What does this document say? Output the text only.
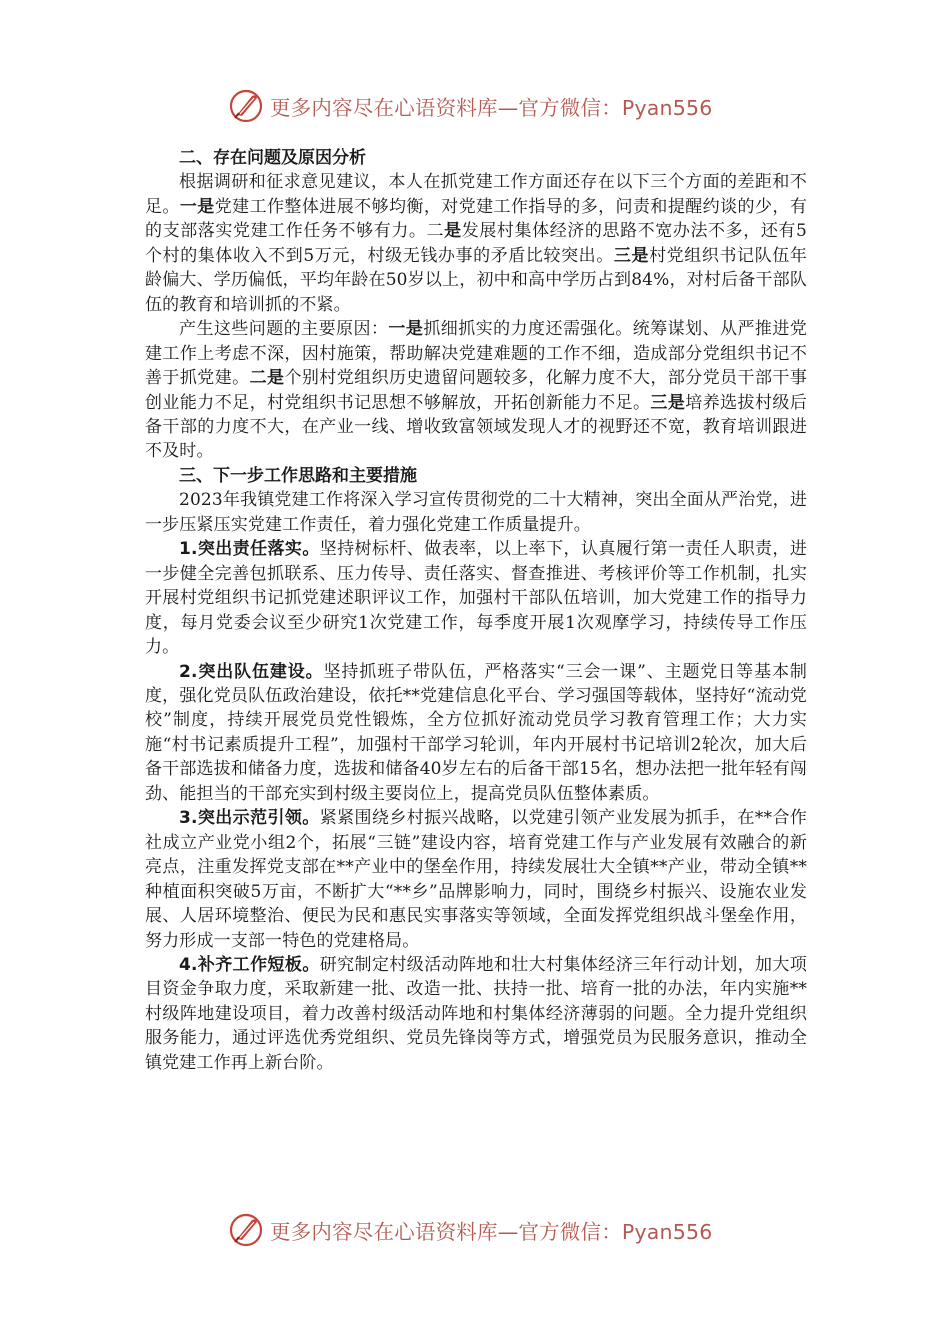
更多内容尽在心语资料库—官方微信：Pyan556
二、存在问题及原因分析

根据调研和征求意见建议，本人在抓党建工作方面还存在以下三个方面的差距和不足。一是党建工作整体进展不够均衡，对党建工作指导的多，问责和提醒约谈的少，有的支部落实党建工作任务不够有力。二是发展村集体经济的思路不宽办法不多，还有5个村的集体收入不到5万元，村级无钱办事的矛盾比较突出。三是村党组织书记队伍年龄偏大、学历偏低，平均年龄在50岁以上，初中和高中学历占到84%，对村后备干部队伍的教育和培训抓的不紧。

产生这些问题的主要原因：一是抓细抓实的力度还需强化。统筹谋划、从严推进党建工作上考虑不深，因村施策，帮助解决党建难题的工作不细，造成部分党组织书记不善于抓党建。二是个别村党组织历史遗留问题较多，化解力度不大，部分党员干部干事创业能力不足，村党组织书记思想不够解放，开拓创新能力不足。三是培养选拔村级后备干部的力度不大，在产业一线、增收致富领域发现人才的视野还不宽，教育培训跟进不及时。

三、下一步工作思路和主要措施

2023年我镇党建工作将深入学习宣传贯彻党的二十大精神，突出全面从严治党，进一步压紧压实党建工作责任，着力强化党建工作质量提升。

1.突出责任落实。坚持树标杆、做表率，以上率下，认真履行第一责任人职责，进一步健全完善包抓联系、压力传导、责任落实、督查推进、考核评价等工作机制，扎实开展村党组织书记抓党建述职评议工作，加强村干部队伍培训，加大党建工作的指导力度，每月党委会议至少研究1次党建工作，每季度开展1次观摩学习，持续传导工作压力。

2.突出队伍建设。坚持抓班子带队伍，严格落实“三会一课”、主题党日等基本制度，强化党员队伍政治建设，依托**党建信息化平台、学习强国等载体，坚持好“流动党校”制度，持续开展党员党性锻炼，全方位抓好流动党员学习教育管理工作；大力实施“村书记素质提升工程”，加强村干部学习轮训，年内开展村书记培训2轮次，加大后备干部选拔和储备力度，选拔和储备40岁左右的后备干部15名，想办法把一批年轻有闯劲、能担当的干部充实到村级主要岗位上，提高党员队伍整体素质。

3.突出示范引领。紧紧围绕乡村振兴战略，以党建引领产业发展为抓手，在**合作社成立产业党小组2个，拓展“三链”建设内容，培育党建工作与产业发展有效融合的新亮点，注重发挥党支部在**产业中的堡垒作用，持续发展壮大全镇**产业，带动全镇**种植面积突破5万亩，不断扩大“**乡”品牌影响力，同时，围绕乡村振兴、设施农业发展、人居环境整治、便民为民和惠民实事落实等领域，全面发挥党组织战斗堡垒作用，努力形成一支部一特色的党建格局。

4.补齐工作短板。研究制定村级活动阵地和壮大村集体经济三年行动计划，加大项目资金争取力度，采取新建一批、改造一批、扶持一批、培育一批的办法，年内实施**村级阵地建设项目，着力改善村级活动阵地和村集体经济薄弱的问题。全力提升党组织服务能力，通过评选优秀党组织、党员先锋岗等方式，增强党员为民服务意识，推动全镇党建工作再上新台阶。

更多内容尽在心语资料库—官方微信：Pyan556
